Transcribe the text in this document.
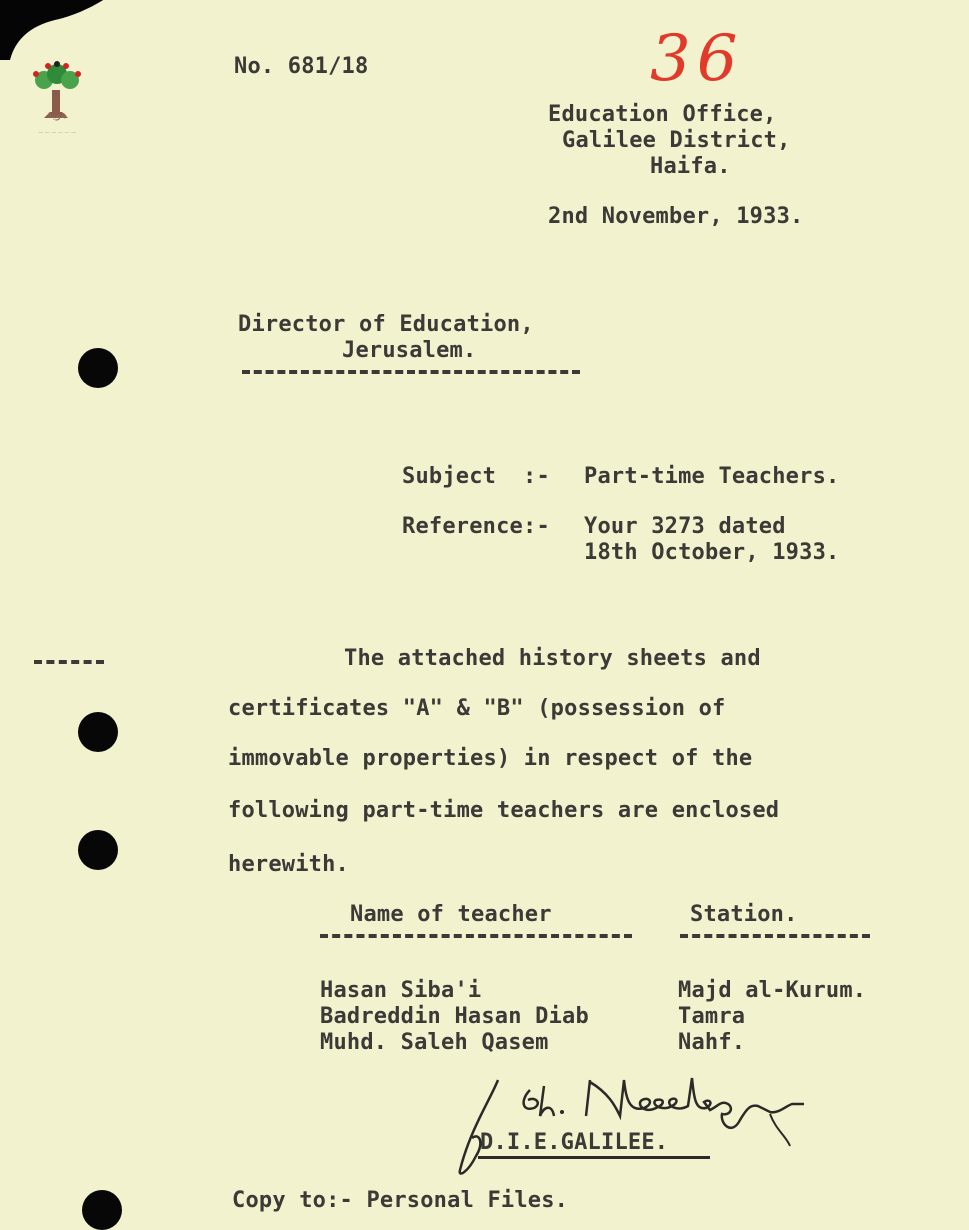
هوية
— — — — — —
No. 681/18	36
Education Office,
Galilee District,
Haifa.
2nd November, 1933.
Director of Education,
Jerusalem.
Subject  :- Part-time Teachers.
Reference:- Your 3273 dated
18th October, 1933.
The attached history sheets and
certificates "A" & "B" (possession of
immovable properties) in respect of the
following part-time teachers are enclosed
herewith.
Name of teacher	Station.
Hasan Siba'i	Majd al-Kurum.
Badreddin Hasan Diab	Tamra
Muhd. Saleh Qasem	Nahf.
D.I.E.GALILEE.
Copy to:- Personal Files.
